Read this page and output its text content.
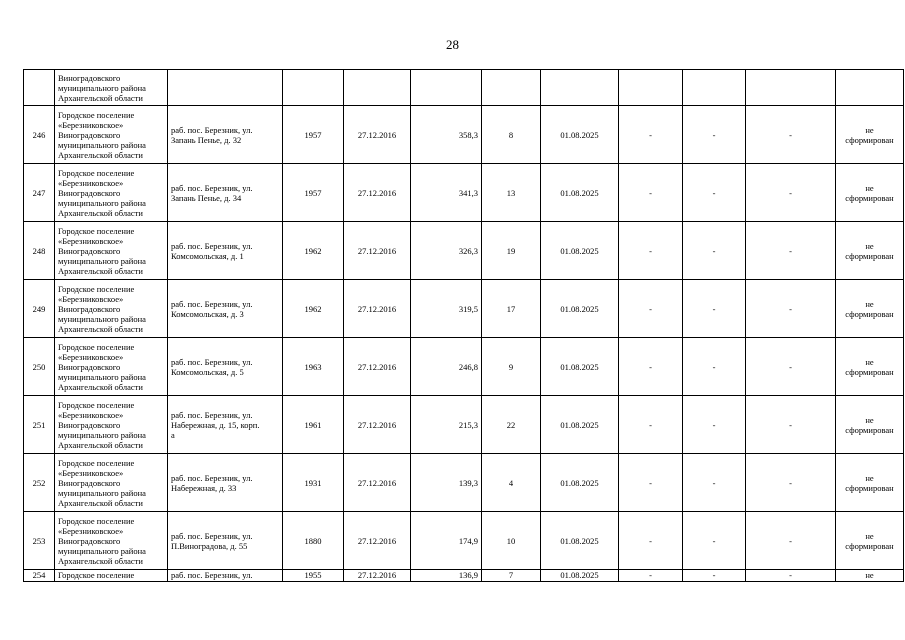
28

	Виноградовского
муниципального района
Архангельской области										

246	Городское поселение
«Березниковское»
Виноградовского
муниципального района
Архангельской области	раб. пос. Березник, ул.
Запань Пенье, д. 32	1957	27.12.2016	358,3	8	01.08.2025	-	-	-	не
сформирован

247	Городское поселение
«Березниковское»
Виноградовского
муниципального района
Архангельской области	раб. пос. Березник, ул.
Запань Пенье, д. 34	1957	27.12.2016	341,3	13	01.08.2025	-	-	-	не
сформирован

248	Городское поселение
«Березниковское»
Виноградовского
муниципального района
Архангельской области	раб. пос. Березник, ул.
Комсомольская, д. 1	1962	27.12.2016	326,3	19	01.08.2025	-	-	-	не
сформирован

249	Городское поселение
«Березниковское»
Виноградовского
муниципального района
Архангельской области	раб. пос. Березник, ул.
Комсомольская, д. 3	1962	27.12.2016	319,5	17	01.08.2025	-	-	-	не
сформирован

250	Городское поселение
«Березниковское»
Виноградовского
муниципального района
Архангельской области	раб. пос. Березник, ул.
Комсомольская, д. 5	1963	27.12.2016	246,8	9	01.08.2025	-	-	-	не
сформирован

251	Городское поселение
«Березниковское»
Виноградовского
муниципального района
Архангельской области	раб. пос. Березник, ул.
Набережная, д. 15, корп.
а	1961	27.12.2016	215,3	22	01.08.2025	-	-	-	не
сформирован

252	Городское поселение
«Березниковское»
Виноградовского
муниципального района
Архангельской области	раб. пос. Березник, ул.
Набережная, д. 33	1931	27.12.2016	139,3	4	01.08.2025	-	-	-	не
сформирован

253	Городское поселение
«Березниковское»
Виноградовского
муниципального района
Архангельской области	раб. пос. Березник, ул.
П.Виноградова, д. 55	1880	27.12.2016	174,9	10	01.08.2025	-	-	-	не
сформирован

254	Городское поселение	раб. пос. Березник, ул.	1955	27.12.2016	136,9	7	01.08.2025	-	-	-	не
